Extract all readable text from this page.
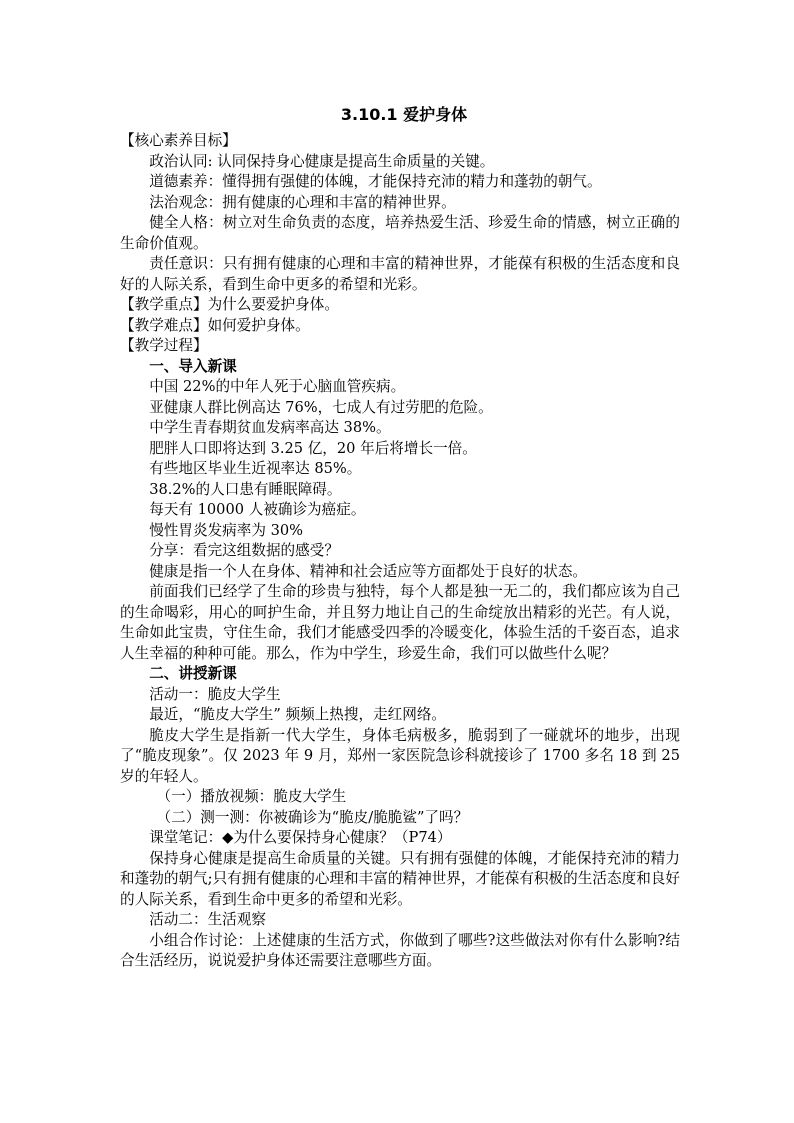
3.10.1 爱护身体
【核心素养目标】
政治认同: 认同保持身心健康是提高生命质量的关键。
道德素养：懂得拥有强健的体魄，才能保持充沛的精力和蓬勃的朝气。
法治观念：拥有健康的心理和丰富的精神世界。
健全人格：树立对生命负责的态度，培养热爱生活、珍爱生命的情感，树立正确的生命价值观。
责任意识：只有拥有健康的心理和丰富的精神世界，才能葆有积极的生活态度和良好的人际关系，看到生命中更多的希望和光彩。
【教学重点】为什么要爱护身体。
【教学难点】如何爱护身体。
【教学过程】
一、导入新课
中国 22%的中年人死于心脑血管疾病。
亚健康人群比例高达 76%，七成人有过劳肥的危险。
中学生青春期贫血发病率高达 38%。
肥胖人口即将达到 3.25 亿，20 年后将增长一倍。
有些地区毕业生近视率达 85%。
38.2%的人口患有睡眠障碍。
每天有 10000 人被确诊为癌症。
慢性胃炎发病率为 30%
分享：看完这组数据的感受？
健康是指一个人在身体、精神和社会适应等方面都处于良好的状态。
前面我们已经学了生命的珍贵与独特，每个人都是独一无二的，我们都应该为自己的生命喝彩，用心的呵护生命，并且努力地让自己的生命绽放出精彩的光芒。有人说，生命如此宝贵，守住生命，我们才能感受四季的冷暖变化，体验生活的千姿百态，追求人生幸福的种种可能。那么，作为中学生，珍爱生命，我们可以做些什么呢？
二、讲授新课
活动一：脆皮大学生
最近，“脆皮大学生” 频频上热搜，走红网络。
脆皮大学生是指新一代大学生，身体毛病极多，脆弱到了一碰就坏的地步，出现了“脆皮现象”。仅 2023 年 9 月，郑州一家医院急诊科就接诊了 1700 多名 18 到 25 岁的年轻人。
（一）播放视频：脆皮大学生
（二）测一测：你被确诊为“脆皮/脆脆鲨”了吗？
课堂笔记：◆为什么要保持身心健康？（P74）
保持身心健康是提高生命质量的关键。只有拥有强健的体魄，才能保持充沛的精力和蓬勃的朝气;只有拥有健康的心理和丰富的精神世界，才能葆有积极的生活态度和良好的人际关系，看到生命中更多的希望和光彩。
活动二：生活观察
小组合作讨论：上述健康的生活方式，你做到了哪些?这些做法对你有什么影响?结合生活经历，说说爱护身体还需要注意哪些方面。
